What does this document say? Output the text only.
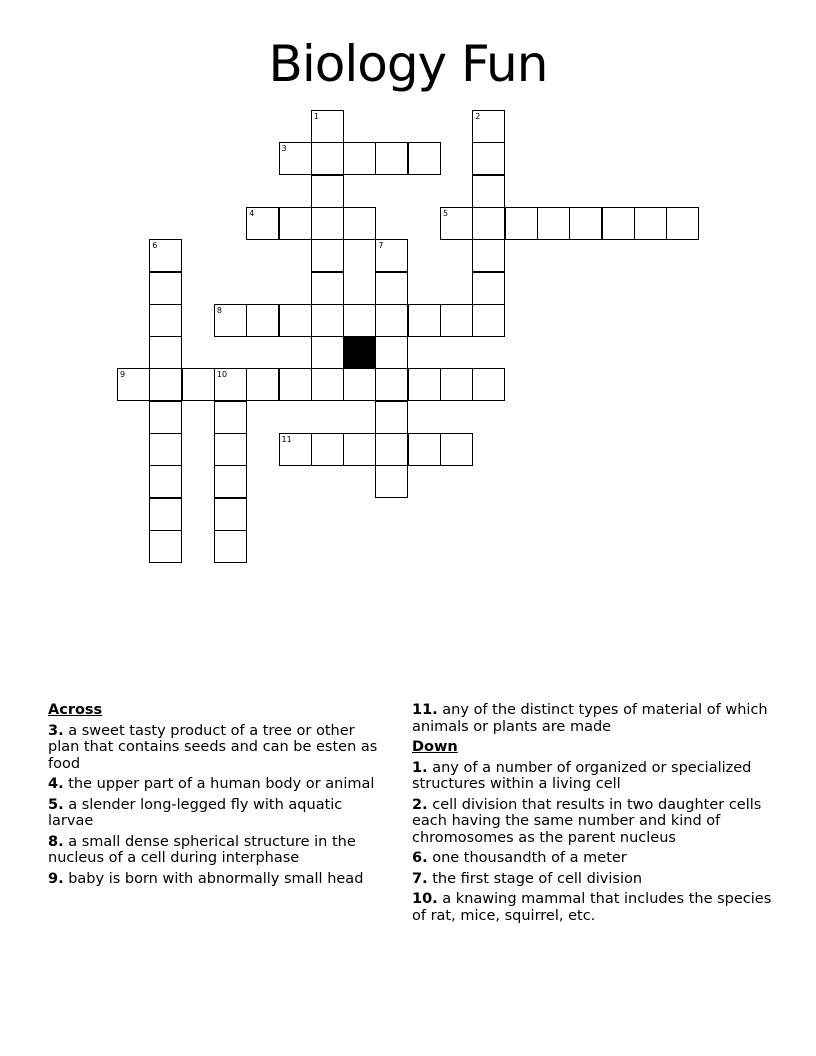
Biology Fun
3
4	5
8
9	10
11
1	2
6	7
Across
3. a sweet tasty product of a tree or other plan that contains seeds and can be esten as food
4. the upper part of a human body or animal
5. a slender long-legged fly with aquatic larvae
8. a small dense spherical structure in the nucleus of a cell during interphase
9. baby is born with abnormally small head
11. any of the distinct types of material of which animals or plants are made
Down
1. any of a number of organized or specialized structures within a living cell
2. cell division that results in two daughter cells each having the same number and kind of chromosomes as the parent nucleus
6. one thousandth of a meter
7. the first stage of cell division
10. a knawing mammal that includes the species of rat, mice, squirrel, etc.
